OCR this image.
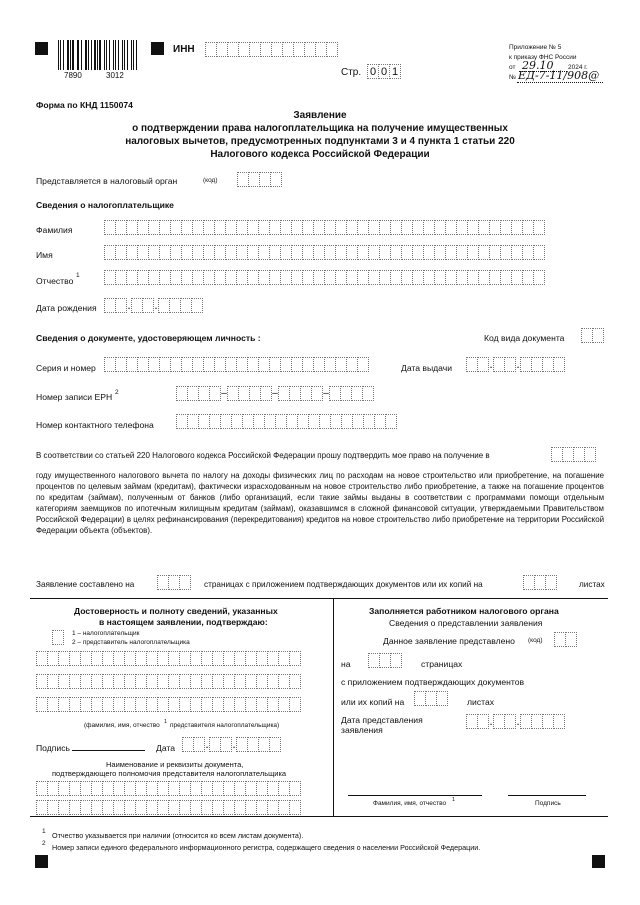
7890	3012
ИНН
Стр. 0 0 1
Приложение № 5
к приказу ФНС России
от 29.10 2024 г.
№ ЕД-7-11/908@
Форма по КНД 1150074
Заявление
о подтверждении права налогоплательщика на получение имущественных
налоговых вычетов, предусмотренных подпунктами 3 и 4 пункта 1 статьи 220
Налогового кодекса Российской Федерации
Представляется в налоговый орган	(код)
Сведения о налогоплательщике
Фамилия
Имя
Отчество
1
Дата рождения	. .
Сведения о документе, удостоверяющем личность :	Код вида документа
Серия и номер	Дата выдачи	. .
Номер записи ЕРН 2	–	–	–
Номер контактного телефона
В соответствии со статьей 220 Налогового кодекса Российской Федерации прошу подтвердить мое право на получение в
году имущественного налогового вычета по налогу на доходы физических лиц по расходам на новое строительство или приобретение, на погашение процентов по целевым займам (кредитам), фактически израсходованным на новое строительство либо приобретение, а также на погашение процентов по кредитам (займам), полученным от банков (либо организаций, если такие займы выданы в соответствии с программами помощи отдельным категориям заемщиков по ипотечным жилищным кредитам (займам), оказавшимся в сложной финансовой ситуации, утверждаемыми Правительством Российской Федерации) в целях рефинансирования (перекредитования) кредитов на новое строительство либо приобретение на территории Российской Федерации объекта (объектов).
Заявление составлено на	страницах с приложением подтверждающих документов или их копий на	листах
Достоверность и полноту сведений, указанных
в настоящем заявлении, подтверждаю:
1 – налогоплательщик
2 – представитель налогоплательщика
(фамилия, имя, отчество 1 представителя налогоплательщика)
Подпись	Дата	. .
Наименование и реквизиты документа,
подтверждающего полномочия представителя налогоплательщика
Заполняется работником налогового органа
Сведения о представлении заявления
Данное заявление представлено (код)
на	страницах
с приложением подтверждающих документов
или их копий на	листах
Дата представления
заявления
. .
Фамилия, имя, отчество 1	Подпись
1 Отчество указывается при наличии (относится ко всем листам документа).
2 Номер записи единого федерального информационного регистра, содержащего сведения о населении Российской Федерации.
